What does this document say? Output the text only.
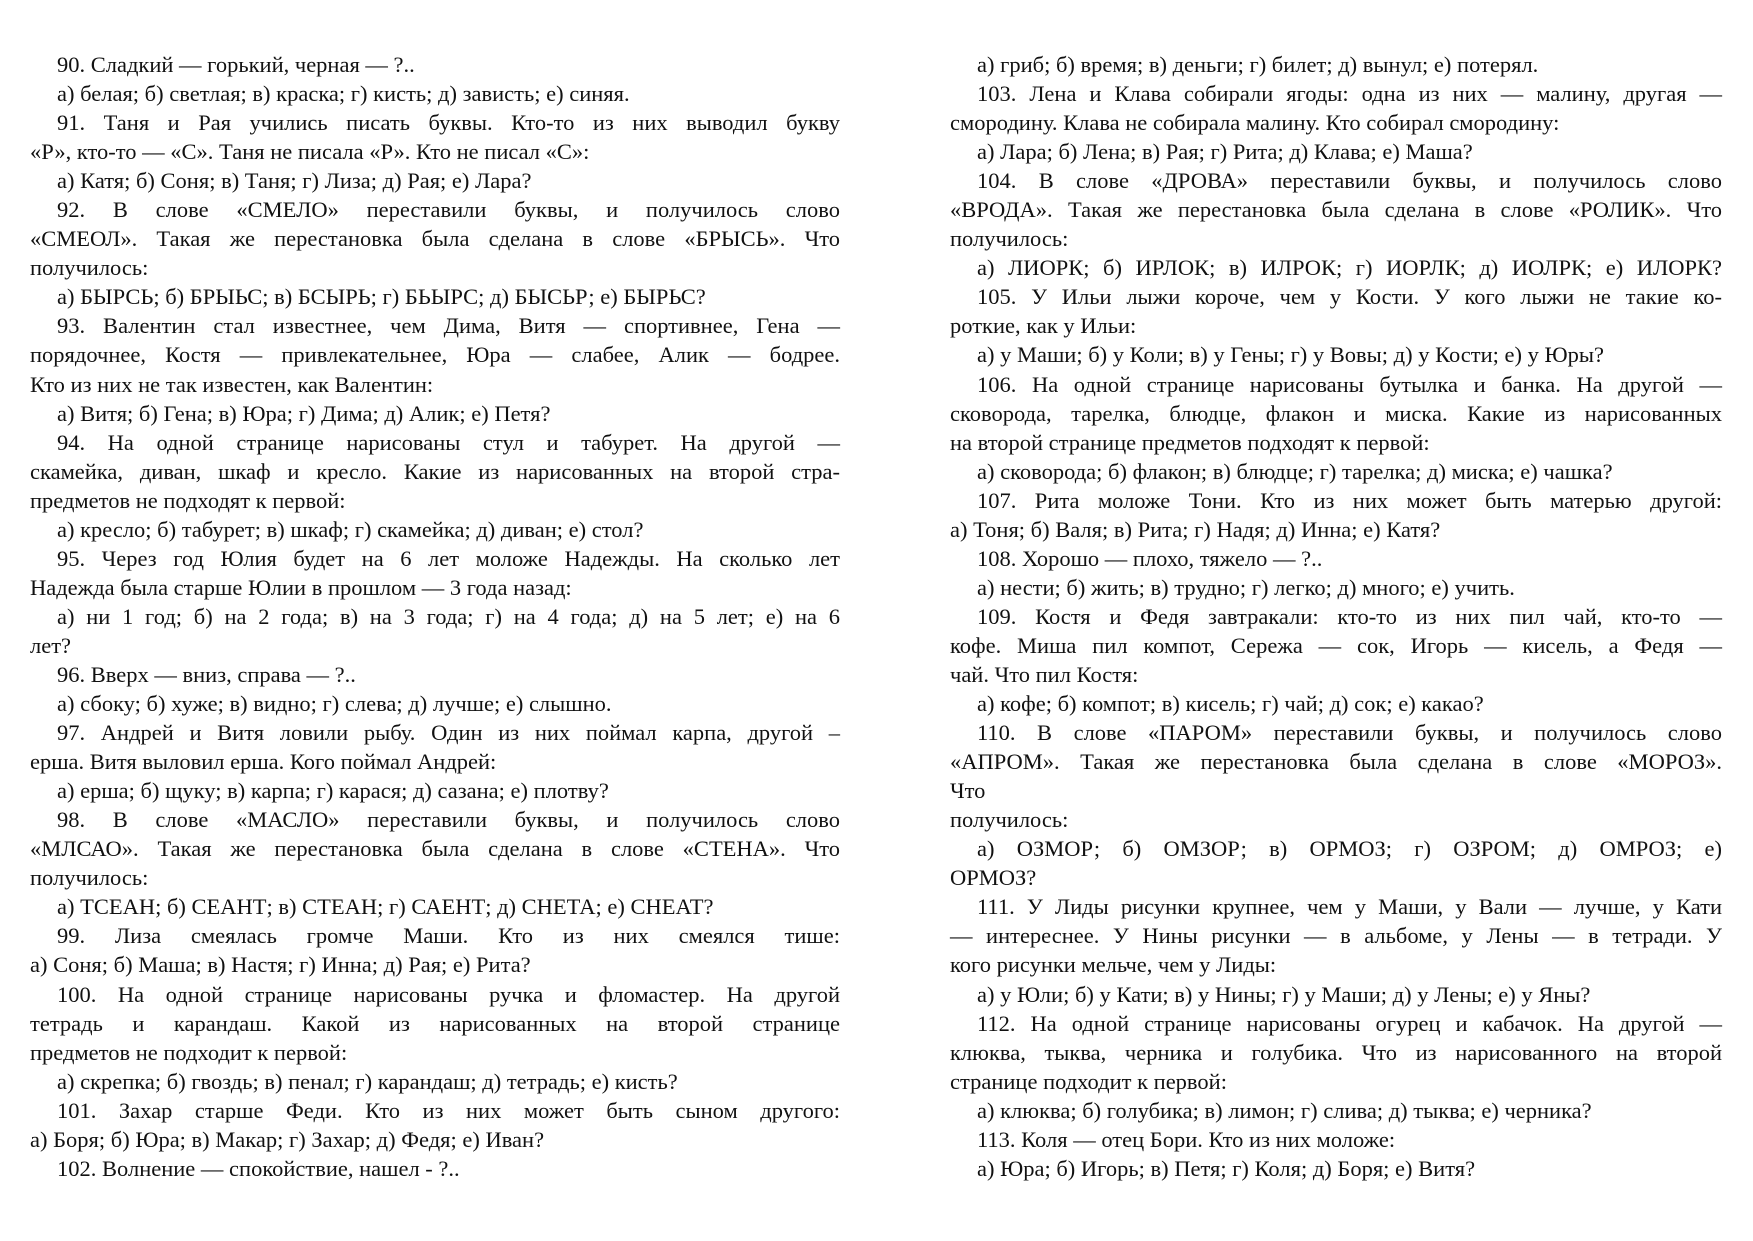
90. Сладкий — горький, черная — ?..
а) белая; б) светлая; в) краска; г) кисть; д) зависть; е) синяя.
91. Таня и Рая учились писать буквы. Кто-то из них выводил букву
«Р», кто-то — «С». Таня не писала «Р». Кто не писал «С»:
а) Катя; б) Соня; в) Таня; г) Лиза; д) Рая; е) Лара?
92. В слове «СМЕЛО» переставили буквы, и получилось слово
«СМЕОЛ». Такая же перестановка была сделана в слове «БРЫСЬ». Что
получилось:
а) БЫРСЬ; б) БРЫЬС; в) БСЫРЬ; г) БЬЫРС; д) БЫСЬР; е) БЫРЬС?
93. Валентин стал известнее, чем Дима, Витя — спортивнее, Гена —
порядочнее, Костя — привлекательнее, Юра — слабее, Алик — бодрее.
Кто из них не так известен, как Валентин:
а) Витя; б) Гена; в) Юра; г) Дима; д) Алик; е) Петя?
94. На одной странице нарисованы стул и табурет. На другой —
скамейка, диван, шкаф и кресло. Какие из нарисованных на второй стра-
предметов не подходят к первой:
а) кресло; б) табурет; в) шкаф; г) скамейка; д) диван; е) стол?
95. Через год Юлия будет на 6 лет моложе Надежды. На сколько лет
Надежда была старше Юлии в прошлом — 3 года назад:
а) ни 1 год; б) на 2 года; в) на 3 года; г) на 4 года; д) на 5 лет; е) на 6
лет?
96. Вверх — вниз, справа — ?..
а) сбоку; б) хуже; в) видно; г) слева; д) лучше; е) слышно.
97. Андрей и Витя ловили рыбу. Один из них поймал карпа, другой –
ерша. Витя выловил ерша. Кого поймал Андрей:
а) ерша; б) щуку; в) карпа; г) карася; д) сазана; е) плотву?
98. В слове «МАСЛО» переставили буквы, и получилось слово
«МЛСАО». Такая же перестановка была сделана в слове «СТЕНА». Что
получилось:
а) ТСЕАН; б) СЕАНТ; в) СТЕАН; г) САЕНТ; д) СНЕТА; е) СНЕАТ?
99. Лиза смеялась громче Маши. Кто из них смеялся тише:
а) Соня; б) Маша; в) Настя; г) Инна; д) Рая; е) Рита?
100. На одной странице нарисованы ручка и фломастер. На другой
тетрадь и карандаш. Какой из нарисованных на второй странице
предметов не подходит к первой:
а) скрепка; б) гвоздь; в) пенал; г) карандаш; д) тетрадь; е) кисть?
101. Захар старше Феди. Кто из них может быть сыном другого:
а) Боря; б) Юра; в) Макар; г) Захар; д) Федя; е) Иван?
102. Волнение — спокойствие, нашел - ?..
а) гриб; б) время; в) деньги; г) билет; д) вынул; е) потерял.
103. Лена и Клава собирали ягоды: одна из них — малину, другая —
смородину. Клава не собирала малину. Кто собирал смородину:
а) Лара; б) Лена; в) Рая; г) Рита; д) Клава; е) Маша?
104. В слове «ДРОВА» переставили буквы, и получилось слово
«ВРОДА». Такая же перестановка была сделана в слове «РОЛИК». Что
получилось:
а) ЛИОРК; б) ИРЛОК; в) ИЛРОК; г) ИОРЛК; д) ИОЛРК; е) ИЛОРК?
105. У Ильи лыжи короче, чем у Кости. У кого лыжи не такие ко-
роткие, как у Ильи:
а) у Маши; б) у Коли; в) у Гены; г) у Вовы; д) у Кости; е) у Юры?
106. На одной странице нарисованы бутылка и банка. На другой —
сковорода, тарелка, блюдце, флакон и миска. Какие из нарисованных
на второй странице предметов подходят к первой:
а) сковорода; б) флакон; в) блюдце; г) тарелка; д) миска; е) чашка?
107. Рита моложе Тони. Кто из них может быть матерью другой:
а) Тоня; б) Валя; в) Рита; г) Надя; д) Инна; е) Катя?
108. Хорошо — плохо, тяжело — ?..
а) нести; б) жить; в) трудно; г) легко; д) много; е) учить.
109. Костя и Федя завтракали: кто-то из них пил чай, кто-то —
кофе. Миша пил компот, Сережа — сок, Игорь — кисель, а Федя —
чай. Что пил Костя:
а) кофе; б) компот; в) кисель; г) чай; д) сок; е) какао?
110. В слове «ПАРОМ» переставили буквы, и получилось слово
«АПРОМ». Такая же перестановка была сделана в слове «МОРОЗ».
Что
получилось:
а) ОЗМОР; б) ОМЗОР; в) ОРМОЗ; г) ОЗРОМ; д) ОМРОЗ; е)
ОРМОЗ?
111. У Лиды рисунки крупнее, чем у Маши, у Вали — лучше, у Кати
— интереснее. У Нины рисунки — в альбоме, у Лены — в тетради. У
кого рисунки мельче, чем у Лиды:
а) у Юли; б) у Кати; в) у Нины; г) у Маши; д) у Лены; е) у Яны?
112. На одной странице нарисованы огурец и кабачок. На другой —
клюква, тыква, черника и голубика. Что из нарисованного на второй
странице подходит к первой:
а) клюква; б) голубика; в) лимон; г) слива; д) тыква; е) черника?
113. Коля — отец Бори. Кто из них моложе:
а) Юра; б) Игорь; в) Петя; г) Коля; д) Боря; е) Витя?
